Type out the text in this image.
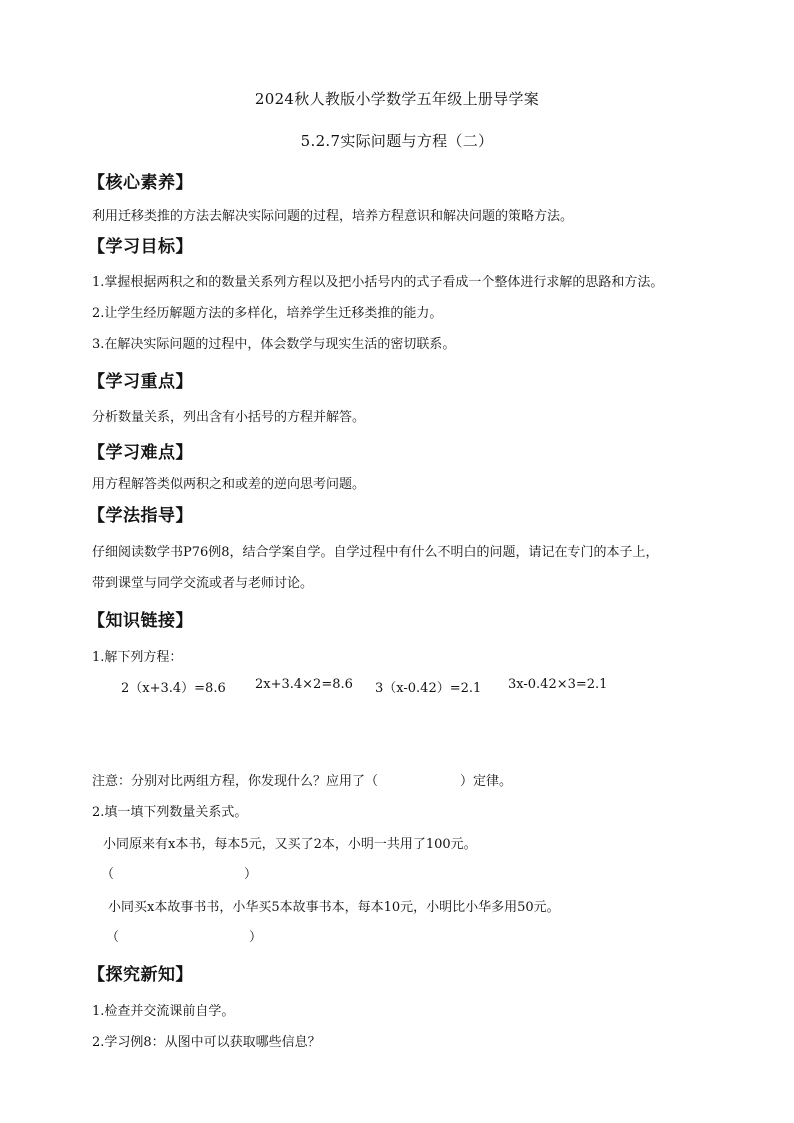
2024秋人教版小学数学五年级上册导学案
5.2.7实际问题与方程（二）
【核心素养】
利用迁移类推的方法去解决实际问题的过程，培养方程意识和解决问题的策略方法。
【学习目标】
1.掌握根据两积之和的数量关系列方程以及把小括号内的式子看成一个整体进行求解的思路和方法。
2.让学生经历解题方法的多样化，培养学生迁移类推的能力。
3.在解决实际问题的过程中，体会数学与现实生活的密切联系。
【学习重点】
分析数量关系，列出含有小括号的方程并解答。
【学习难点】
用方程解答类似两积之和或差的逆向思考问题。
【学法指导】
仔细阅读数学书P76例8，结合学案自学。自学过程中有什么不明白的问题，请记在专门的本子上，
带到课堂与同学交流或者与老师讨论。
【知识链接】
1.解下列方程：
2（x+3.4）=8.6 2x+3.4×2=8.6 3（x-0.42）=2.1 3x-0.42×3=2.1
注意：分别对比两组方程，你发现什么？应用了（	）定律。
2.填一填下列数量关系式。
小同原来有x本书，每本5元，又买了2本，小明一共用了100元。
（	）
小同买x本故事书书，小华买5本故事书本，每本10元，小明比小华多用50元。
（	）
【探究新知】
1.检查并交流课前自学。
2.学习例8：从图中可以获取哪些信息？
